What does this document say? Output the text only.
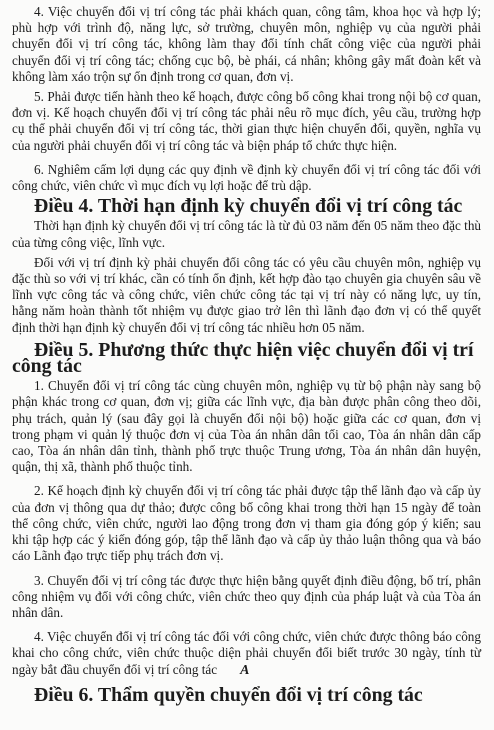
4. Việc chuyển đổi vị trí công tác phải khách quan, công tâm, khoa học và hợp lý; phù hợp với trình độ, năng lực, sở trường, chuyên môn, nghiệp vụ của người phải chuyển đổi vị trí công tác, không làm thay đổi tính chất công việc của người phải chuyển đổi vị trí công tác; chống cục bộ, bè phái, cá nhân; không gây mất đoàn kết và không làm xáo trộn sự ổn định trong cơ quan, đơn vị.

5. Phải được tiến hành theo kế hoạch, được công bố công khai trong nội bộ cơ quan, đơn vị. Kế hoạch chuyển đổi vị trí công tác phải nêu rõ mục đích, yêu cầu, trường hợp cụ thể phải chuyển đổi vị trí công tác, thời gian thực hiện chuyển đổi, quyền, nghĩa vụ của người phải chuyển đổi vị trí công tác và biện pháp tổ chức thực hiện.

6. Nghiêm cấm lợi dụng các quy định về định kỳ chuyển đổi vị trí công tác đối với công chức, viên chức vì mục đích vụ lợi hoặc để trù dập.

Điều 4. Thời hạn định kỳ chuyển đổi vị trí công tác

Thời hạn định kỳ chuyển đổi vị trí công tác là từ đủ 03 năm đến 05 năm theo đặc thù của từng công việc, lĩnh vực.

Đối với vị trí định kỳ phải chuyển đổi công tác có yêu cầu chuyên môn, nghiệp vụ đặc thù so với vị trí khác, cần có tính ổn định, kết hợp đào tạo chuyên gia chuyên sâu về lĩnh vực công tác và công chức, viên chức công tác tại vị trí này có năng lực, uy tín, hằng năm hoàn thành tốt nhiệm vụ được giao trở lên thì lãnh đạo đơn vị có thể quyết định thời hạn định kỳ chuyển đổi vị trí công tác nhiều hơn 05 năm.

Điều 5. Phương thức thực hiện việc chuyển đổi vị trí công tác

1. Chuyển đổi vị trí công tác cùng chuyên môn, nghiệp vụ từ bộ phận này sang bộ phận khác trong cơ quan, đơn vị; giữa các lĩnh vực, địa bàn được phân công theo dõi, phụ trách, quản lý (sau đây gọi là chuyển đổi nội bộ) hoặc giữa các cơ quan, đơn vị trong phạm vi quản lý thuộc đơn vị của Tòa án nhân dân tối cao, Tòa án nhân dân cấp cao, Tòa án nhân dân tỉnh, thành phố trực thuộc Trung ương, Tòa án nhân dân huyện, quận, thị xã, thành phố thuộc tỉnh.

2. Kế hoạch định kỳ chuyển đổi vị trí công tác phải được tập thể lãnh đạo và cấp ủy của đơn vị thông qua dự thảo; được công bố công khai trong thời hạn 15 ngày để toàn thể công chức, viên chức, người lao động trong đơn vị tham gia đóng góp ý kiến; sau khi tập hợp các ý kiến đóng góp, tập thể lãnh đạo và cấp ủy thảo luận thông qua và báo cáo Lãnh đạo trực tiếp phụ trách đơn vị.

3. Chuyển đổi vị trí công tác được thực hiện bằng quyết định điều động, bố trí, phân công nhiệm vụ đối với công chức, viên chức theo quy định của pháp luật và của Tòa án nhân dân.

4. Việc chuyển đổi vị trí công tác đối với công chức, viên chức được thông báo công khai cho công chức, viên chức thuộc diện phải chuyển đổi biết trước 30 ngày, tính từ ngày bắt đầu chuyển đổi vị trí công tác A

Điều 6. Thẩm quyền chuyển đổi vị trí công tác
